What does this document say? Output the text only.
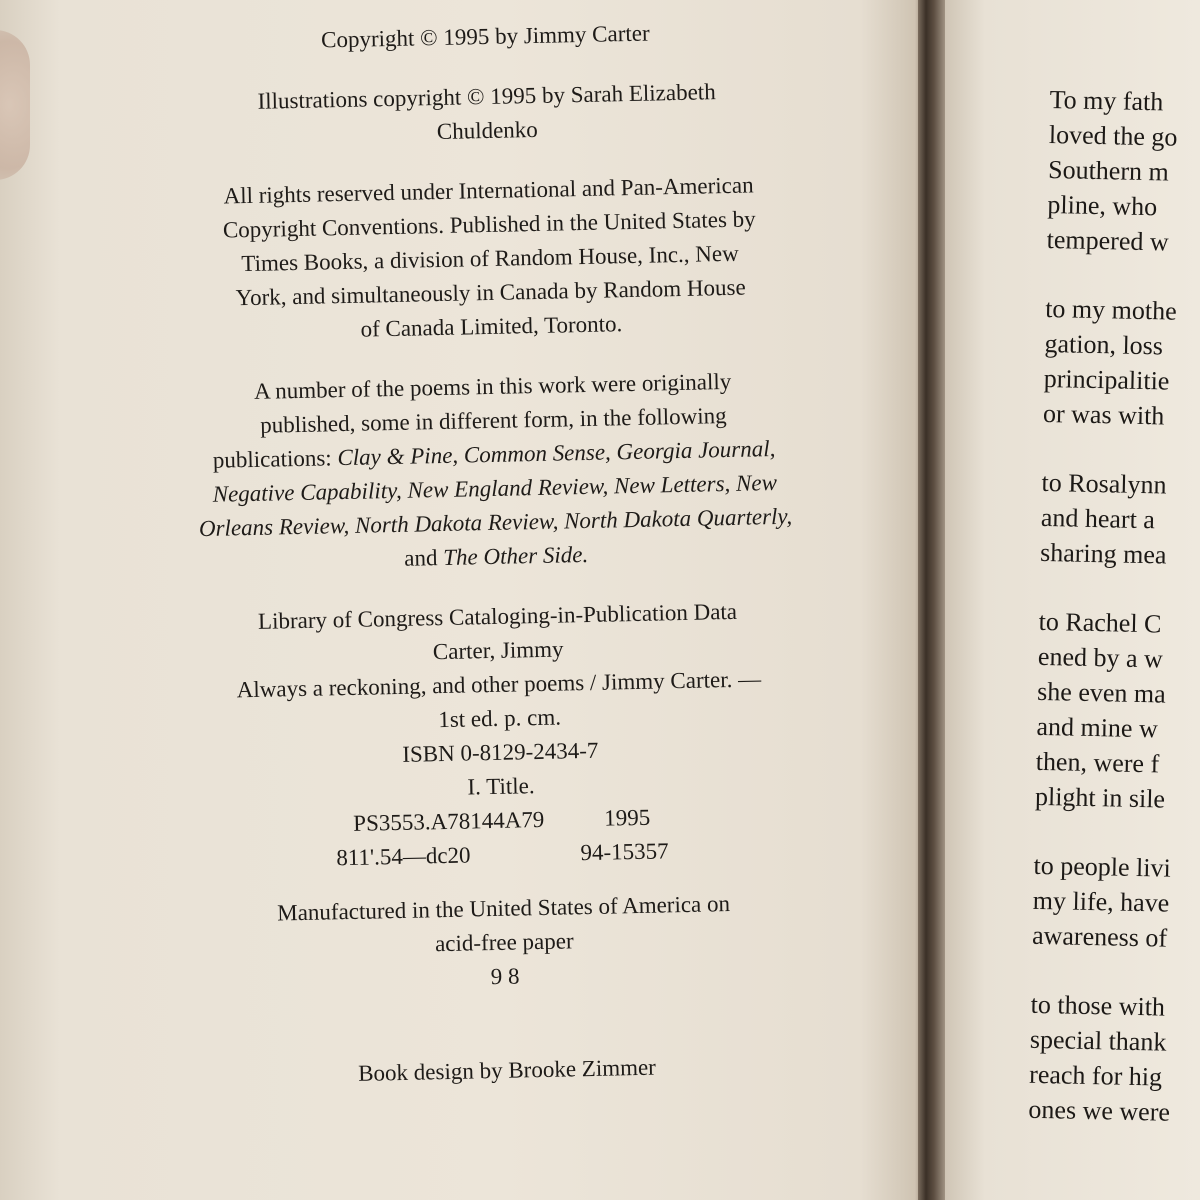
Copyright © 1995 by Jimmy Carter
Illustrations copyright © 1995 by Sarah Elizabeth
Chuldenko
All rights reserved under International and Pan-American
Copyright Conventions. Published in the United States by
Times Books, a division of Random House, Inc., New
York, and simultaneously in Canada by Random House
of Canada Limited, Toronto.
A number of the poems in this work were originally
published, some in different form, in the following
publications: Clay & Pine, Common Sense, Georgia Journal,
Negative Capability, New England Review, New Letters, New
Orleans Review, North Dakota Review, North Dakota Quarterly,
and The Other Side.
Library of Congress Cataloging-in-Publication Data
Carter, Jimmy
Always a reckoning, and other poems / Jimmy Carter. —
1st ed. p. cm.
ISBN 0-8129-2434-7
I. Title.
PS3553.A78144A79	1995
811'.54—dc20	94-15357
Manufactured in the United States of America on
acid-free paper
9 8
Book design by Brooke Zimmer
To my fath
loved the go
Southern m
pline, who
tempered w
to my mothe
gation, loss
principalitie
or was with
to Rosalynn
and heart a
sharing mea
to Rachel C
ened by a w
she even ma
and mine w
then, were f
plight in sile
to people livi
my life, have
awareness of
to those with
special thank
reach for hig
ones we were
